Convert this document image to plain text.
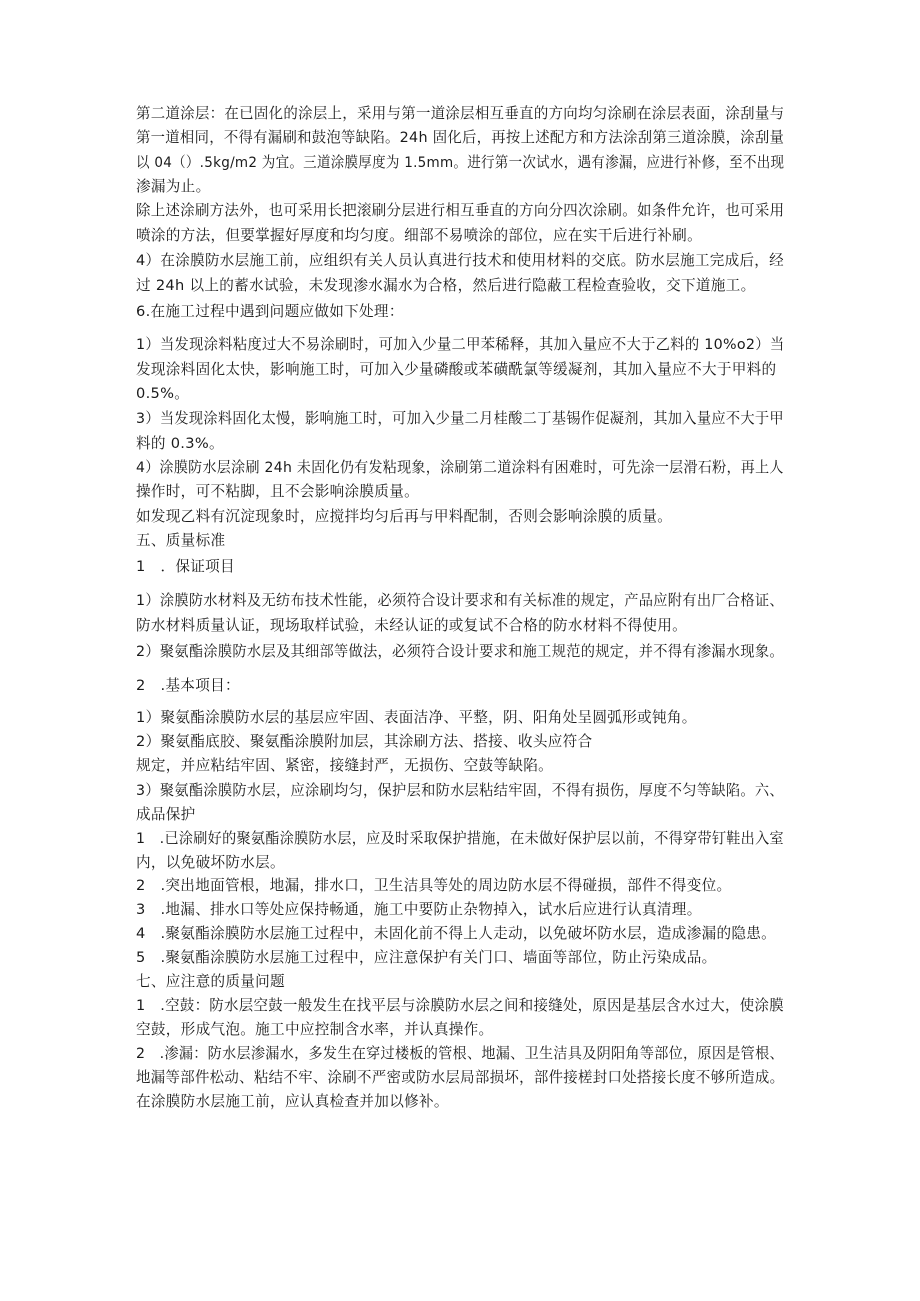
第二道涂层：在已固化的涂层上，采用与第一道涂层相互垂直的方向均匀涂刷在涂层表面，涂刮量与
第一道相同，不得有漏刷和鼓泡等缺陷。24h 固化后，再按上述配方和方法涂刮第三道涂膜，涂刮量
以 04（）.5kg/m2 为宜。三道涂膜厚度为 1.5mm。进行第一次试水，遇有渗漏，应进行补修，至不出现
渗漏为止。
除上述涂刷方法外，也可采用长把滚刷分层进行相互垂直的方向分四次涂刷。如条件允许，也可采用
喷涂的方法，但要掌握好厚度和均匀度。细部不易喷涂的部位，应在实干后进行补刷。
4）在涂膜防水层施工前，应组织有关人员认真进行技术和使用材料的交底。防水层施工完成后，经
过 24h 以上的蓄水试验，未发现渗水漏水为合格，然后进行隐蔽工程检查验收，交下道施工。
6.在施工过程中遇到问题应做如下处理：
1）当发现涂料粘度过大不易涂刷时，可加入少量二甲苯稀释，其加入量应不大于乙料的 10%o2）当
发现涂料固化太快，影响施工时，可加入少量磷酸或苯磺酰氯等缓凝剂，其加入量应不大于甲料的
0.5%。
3）当发现涂料固化太慢，影响施工时，可加入少量二月桂酸二丁基锡作促凝剂，其加入量应不大于甲
料的 0.3%。
4）涂膜防水层涂刷 24h 未固化仍有发粘现象，涂刷第二道涂料有困难时，可先涂一层滑石粉，再上人
操作时，可不粘脚，且不会影响涂膜质量。
如发现乙料有沉淀现象时，应搅拌均匀后再与甲料配制，否则会影响涂膜的质量。
五、质量标准
1　．保证项目
1）涂膜防水材料及无纺布技术性能，必须符合设计要求和有关标准的规定，产品应附有出厂合格证、
防水材料质量认证，现场取样试验，未经认证的或复试不合格的防水材料不得使用。
2）聚氨酯涂膜防水层及其细部等做法，必须符合设计要求和施工规范的规定，并不得有渗漏水现象。
2　.基本项目：
1）聚氨酯涂膜防水层的基层应牢固、表面洁净、平整，阴、阳角处呈圆弧形或钝角。
2）聚氨酯底胶、聚氨酯涂膜附加层，其涂刷方法、搭接、收头应符合
规定，并应粘结牢固、紧密，接缝封严，无损伤、空鼓等缺陷。
3）聚氨酯涂膜防水层，应涂刷均匀，保护层和防水层粘结牢固，不得有损伤，厚度不匀等缺陷。六、
成品保护
1　.已涂刷好的聚氨酯涂膜防水层，应及时采取保护措施，在未做好保护层以前，不得穿带钉鞋出入室
内，以免破坏防水层。
2　.突出地面管根，地漏，排水口，卫生洁具等处的周边防水层不得碰损，部件不得变位。
3　.地漏、排水口等处应保持畅通，施工中要防止杂物掉入，试水后应进行认真清理。
4　.聚氨酯涂膜防水层施工过程中，未固化前不得上人走动，以免破坏防水层，造成渗漏的隐患。
5　.聚氨酯涂膜防水层施工过程中，应注意保护有关门口、墙面等部位，防止污染成品。
七、应注意的质量问题
1　.空鼓：防水层空鼓一般发生在找平层与涂膜防水层之间和接缝处，原因是基层含水过大，使涂膜
空鼓，形成气泡。施工中应控制含水率，并认真操作。
2　.渗漏：防水层渗漏水，多发生在穿过楼板的管根、地漏、卫生洁具及阴阳角等部位，原因是管根、
地漏等部件松动、粘结不牢、涂刷不严密或防水层局部损坏，部件接槎封口处搭接长度不够所造成。
在涂膜防水层施工前，应认真检查并加以修补。
